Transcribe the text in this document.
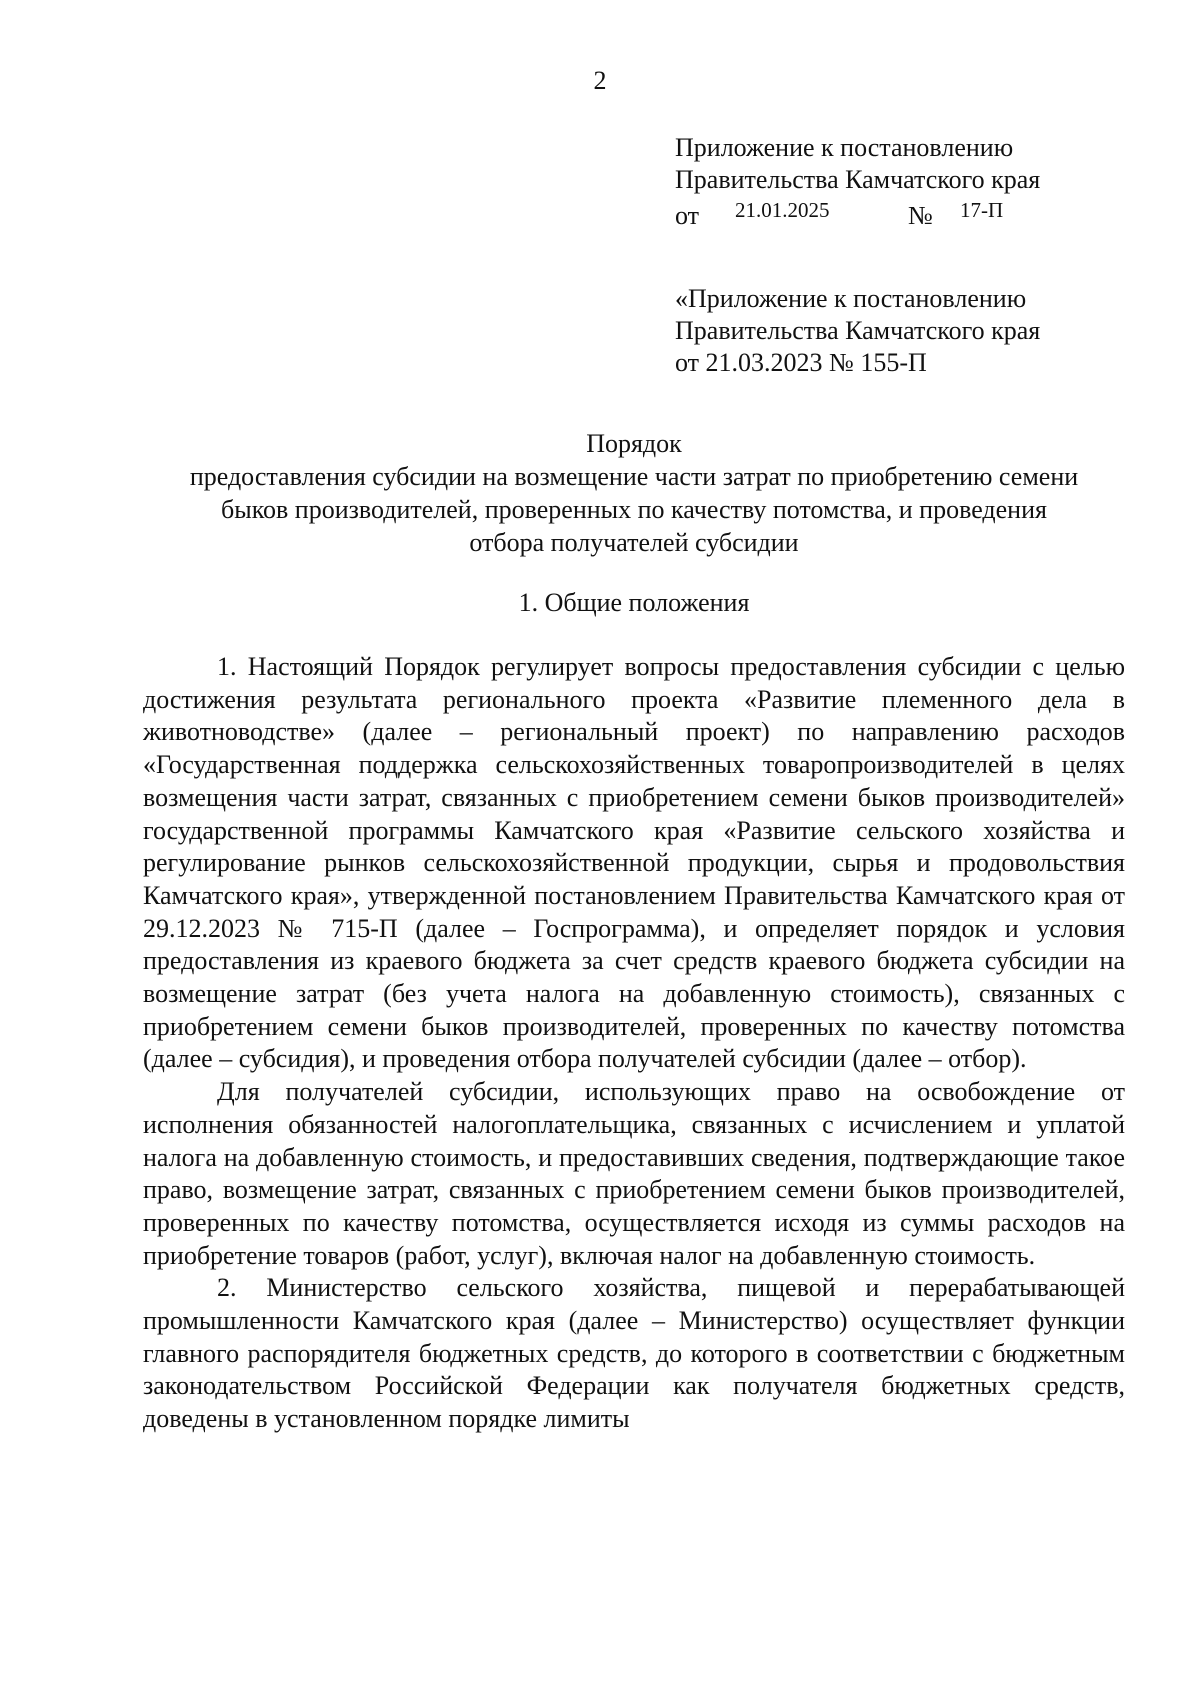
2
Приложение к постановлению
Правительства Камчатского края
от 21.01.2025	№ 17-П
«Приложение к постановлению
Правительства Камчатского края
от 21.03.2023 № 155-П
Порядок
предоставления субсидии на возмещение части затрат по приобретению семени
быков производителей, проверенных по качеству потомства, и проведения
отбора получателей субсидии
1. Общие положения

1. Настоящий Порядок регулирует вопросы предоставления субсидии с целью достижения результата регионального проекта «Развитие племенного дела в животноводстве» (далее – региональный проект) по направлению расходов «Государственная поддержка сельскохозяйственных товаропроизводителей в целях возмещения части затрат, связанных с приобретением семени быков производителей» государственной программы Камчатского края «Развитие сельского хозяйства и регулирование рынков сельскохозяйственной продукции, сырья и продовольствия Камчатского края», утвержденной постановлением Правительства Камчатского края от 29.12.2023 № 715-П (далее – Госпрограмма), и определяет порядок и условия предоставления из краевого бюджета за счет средств краевого бюджета субсидии на возмещение затрат (без учета налога на добавленную стоимость), связанных с приобретением семени быков производителей, проверенных по качеству потомства (далее – субсидия), и проведения отбора получателей субсидии (далее – отбор).

Для получателей субсидии, использующих право на освобождение от исполнения обязанностей налогоплательщика, связанных с исчислением и уплатой налога на добавленную стоимость, и предоставивших сведения, подтверждающие такое право, возмещение затрат, связанных с приобретением семени быков производителей, проверенных по качеству потомства, осуществляется исходя из суммы расходов на приобретение товаров (работ, услуг), включая налог на добавленную стоимость.

2. Министерство сельского хозяйства, пищевой и перерабатывающей промышленности Камчатского края (далее – Министерство) осуществляет функции главного распорядителя бюджетных средств, до которого в соответствии с бюджетным законодательством Российской Федерации как получателя бюджетных средств, доведены в установленном порядке лимиты
